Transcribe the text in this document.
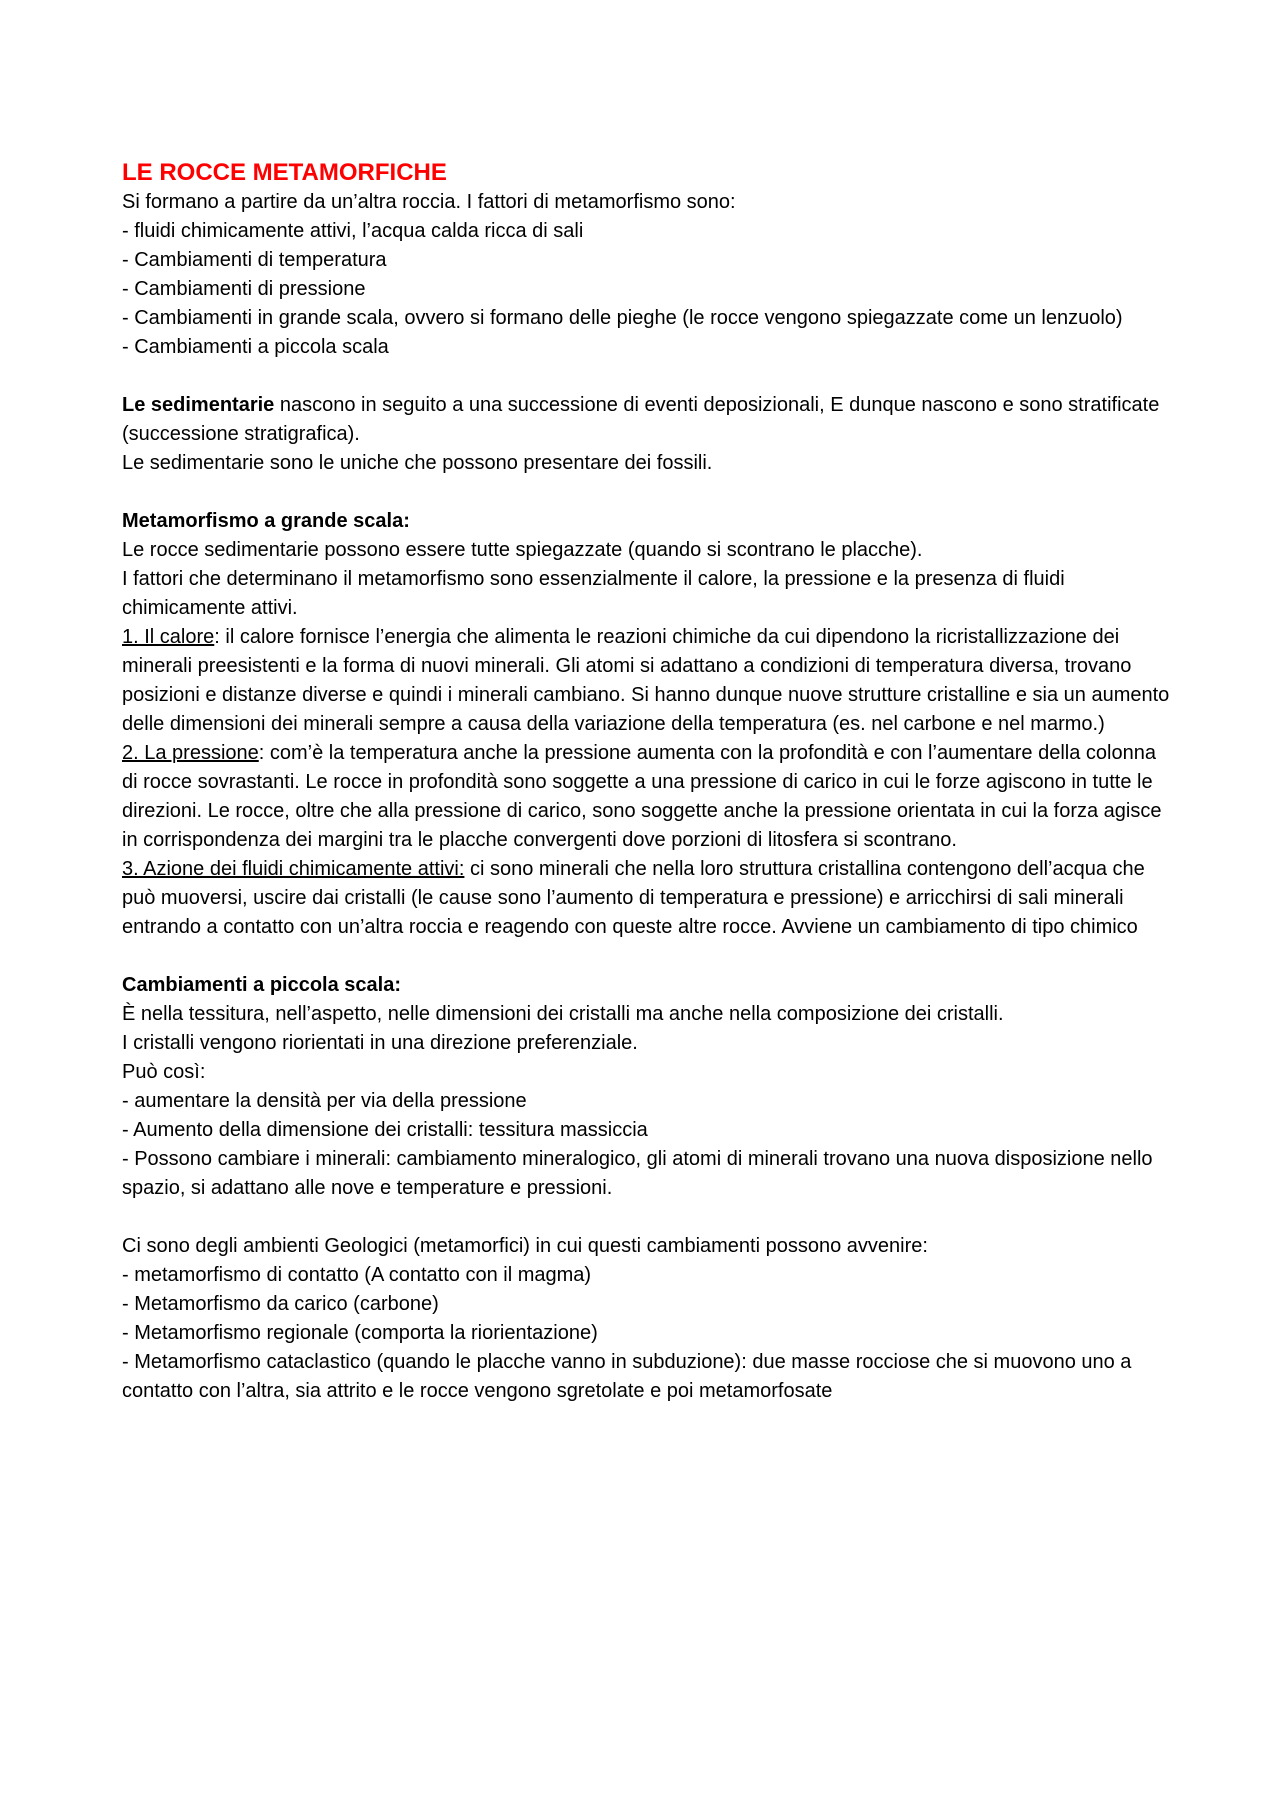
LE ROCCE METAMORFICHE
Si formano a partire da un’altra roccia. I fattori di metamorfismo sono:
- fluidi chimicamente attivi, l’acqua calda ricca di sali
- Cambiamenti di temperatura
- Cambiamenti di pressione
- Cambiamenti in grande scala, ovvero si formano delle pieghe (le rocce vengono spiegazzate come un lenzuolo)
- Cambiamenti a piccola scala
Le sedimentarie nascono in seguito a una successione di eventi deposizionali, E dunque nascono e sono stratificate (successione stratigrafica).
Le sedimentarie sono le uniche che possono presentare dei fossili.
Metamorfismo a grande scala:
Le rocce sedimentarie possono essere tutte spiegazzate (quando si scontrano le placche).
I fattori che determinano il metamorfismo sono essenzialmente il calore, la pressione e la presenza di fluidi chimicamente attivi.
1. Il calore: il calore fornisce l’energia che alimenta le reazioni chimiche da cui dipendono la ricristallizzazione dei minerali preesistenti e la forma di nuovi minerali. Gli atomi si adattano a condizioni di temperatura diversa, trovano posizioni e distanze diverse e quindi i minerali cambiano. Si hanno dunque nuove strutture cristalline e sia un aumento delle dimensioni dei minerali sempre a causa della variazione della temperatura (es. nel carbone e nel marmo.)
2. La pressione: com’è la temperatura anche la pressione aumenta con la profondità e con l’aumentare della colonna di rocce sovrastanti. Le rocce in profondità sono soggette a una pressione di carico in cui le forze agiscono in tutte le direzioni. Le rocce, oltre che alla pressione di carico, sono soggette anche la pressione orientata in cui la forza agisce in corrispondenza dei margini tra le placche convergenti dove porzioni di litosfera si scontrano.
3. Azione dei fluidi chimicamente attivi: ci sono minerali che nella loro struttura cristallina contengono dell’acqua che può muoversi, uscire dai cristalli (le cause sono l’aumento di temperatura e pressione) e arricchirsi di sali minerali entrando a contatto con un’altra roccia e reagendo con queste altre rocce. Avviene un cambiamento di tipo chimico
Cambiamenti a piccola scala:
È nella tessitura, nell’aspetto, nelle dimensioni dei cristalli ma anche nella composizione dei cristalli.
I cristalli vengono riorientati in una direzione preferenziale.
Può così:
- aumentare la densità per via della pressione
- Aumento della dimensione dei cristalli: tessitura massiccia
- Possono cambiare i minerali: cambiamento mineralogico, gli atomi di minerali trovano una nuova disposizione nello spazio, si adattano alle nove e temperature e pressioni.
Ci sono degli ambienti Geologici (metamorfici) in cui questi cambiamenti possono avvenire:
- metamorfismo di contatto (A contatto con il magma)
- Metamorfismo da carico (carbone)
- Metamorfismo regionale (comporta la riorientazione)
- Metamorfismo cataclastico (quando le placche vanno in subduzione): due masse rocciose che si muovono uno a contatto con l’altra, sia attrito e le rocce vengono sgretolate e poi metamorfosate
